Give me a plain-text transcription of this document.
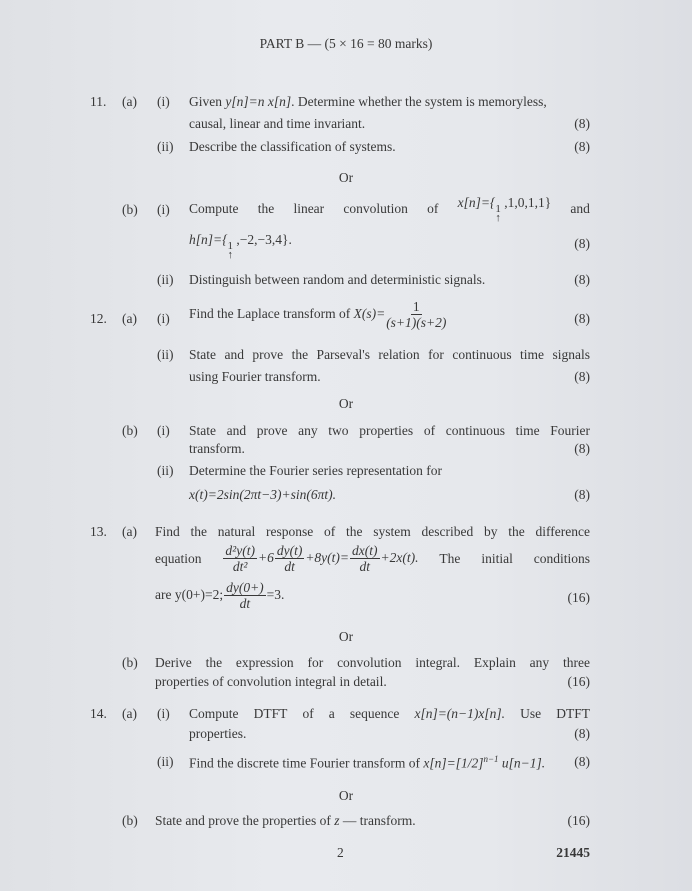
PART B — (5 × 16 = 80 marks)
11. (a) (i) Given y[n]=n x[n]. Determine whether the system is memoryless,
causal, linear and time invariant.	(8)
(ii) Describe the classification of systems.	(8)
Or
(b) (i) Compute the linear convolution of x[n]={ 1
↑
,1,0,1,1} and
h[n]={ 1
↑
,−2,−3,4}.	(8)
(ii) Distinguish between random and deterministic signals.	(8)
12. (a) (i) Find the Laplace transform of $X(s)= \frac{1}{(s+1)(s+2)}$	(8)
(ii) State and prove the Parseval's relation for continuous time signals
using Fourier transform.	(8)
Or
(b) (i) State and prove any two properties of continuous time Fourier
transform.	(8)
(ii) Determine the Fourier series representation for
x(t)=2sin(2πt−3)+sin(6πt).	(8)
13. (a) Find the natural response of the system described by the difference
equation $\frac{\text{d²y(t)}}{\text{dt²}} +6 \frac{dy(t)}{dt} +8y(t)= \frac{dx(t)}{dt} +2x(t)$. The initial conditions
are y(0+)=2; $\frac{dy(0+)}{dt} =3$.	(16)
Or
(b) Derive the expression for convolution integral. Explain any three
properties of convolution integral in detail.	(16)
14. (a) (i) Compute DTFT of a sequence x[n]=(n−1)x[n]. Use DTFT
properties.	(8)
(ii) Find the discrete time Fourier transform of $x[n]=[1/2]^{n-1}$ u[n−1]. (8)
Or
(b) State and prove the properties of z — transform.	(16)
2	21445
